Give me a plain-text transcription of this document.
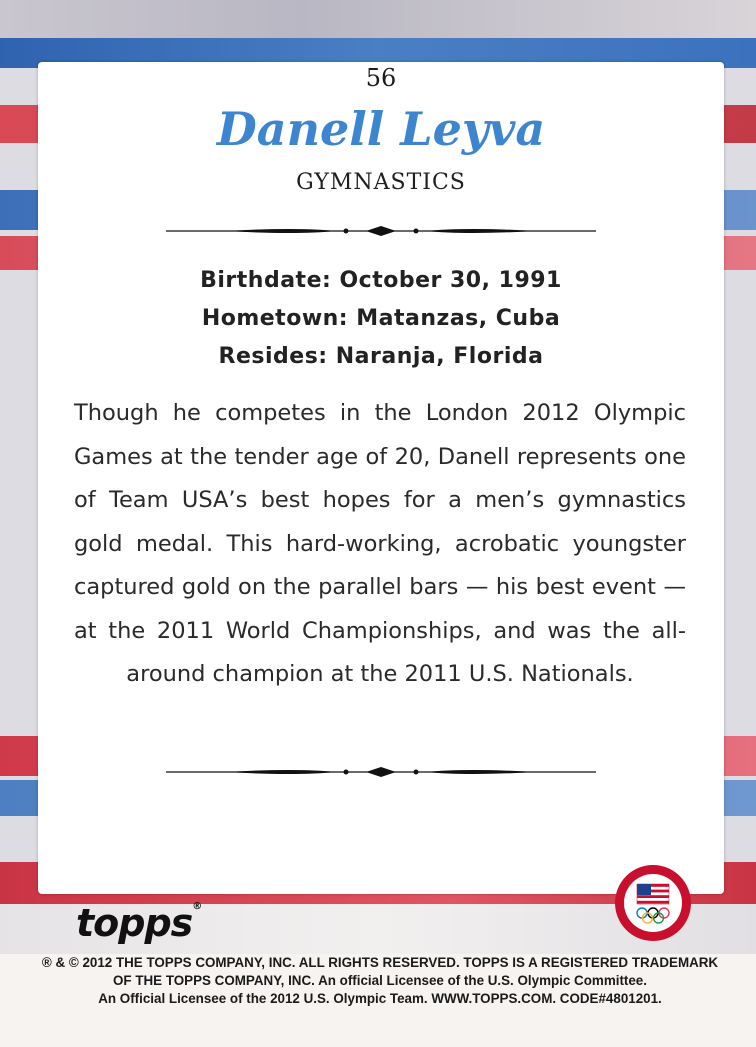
56
Danell Leyva
GYMNASTICS
Birthdate: October 30, 1991
Hometown: Matanzas, Cuba
Resides: Naranja, Florida
Though he competes in the London 2012 Olympic Games at the tender age of 20, Danell represents one of Team USA’s best hopes for a men’s gymnastics gold medal. This hard-working, acrobatic youngster captured gold on the parallel bars — his best event — at the 2011 World Championships, and was the all-around champion at the 2011 U.S. Nationals.
topps®
® & © 2012 THE TOPPS COMPANY, INC. ALL RIGHTS RESERVED. TOPPS IS A REGISTERED TRADEMARK
OF THE TOPPS COMPANY, INC. An official Licensee of the U.S. Olympic Committee.
An Official Licensee of the 2012 U.S. Olympic Team. WWW.TOPPS.COM. CODE#4801201.
